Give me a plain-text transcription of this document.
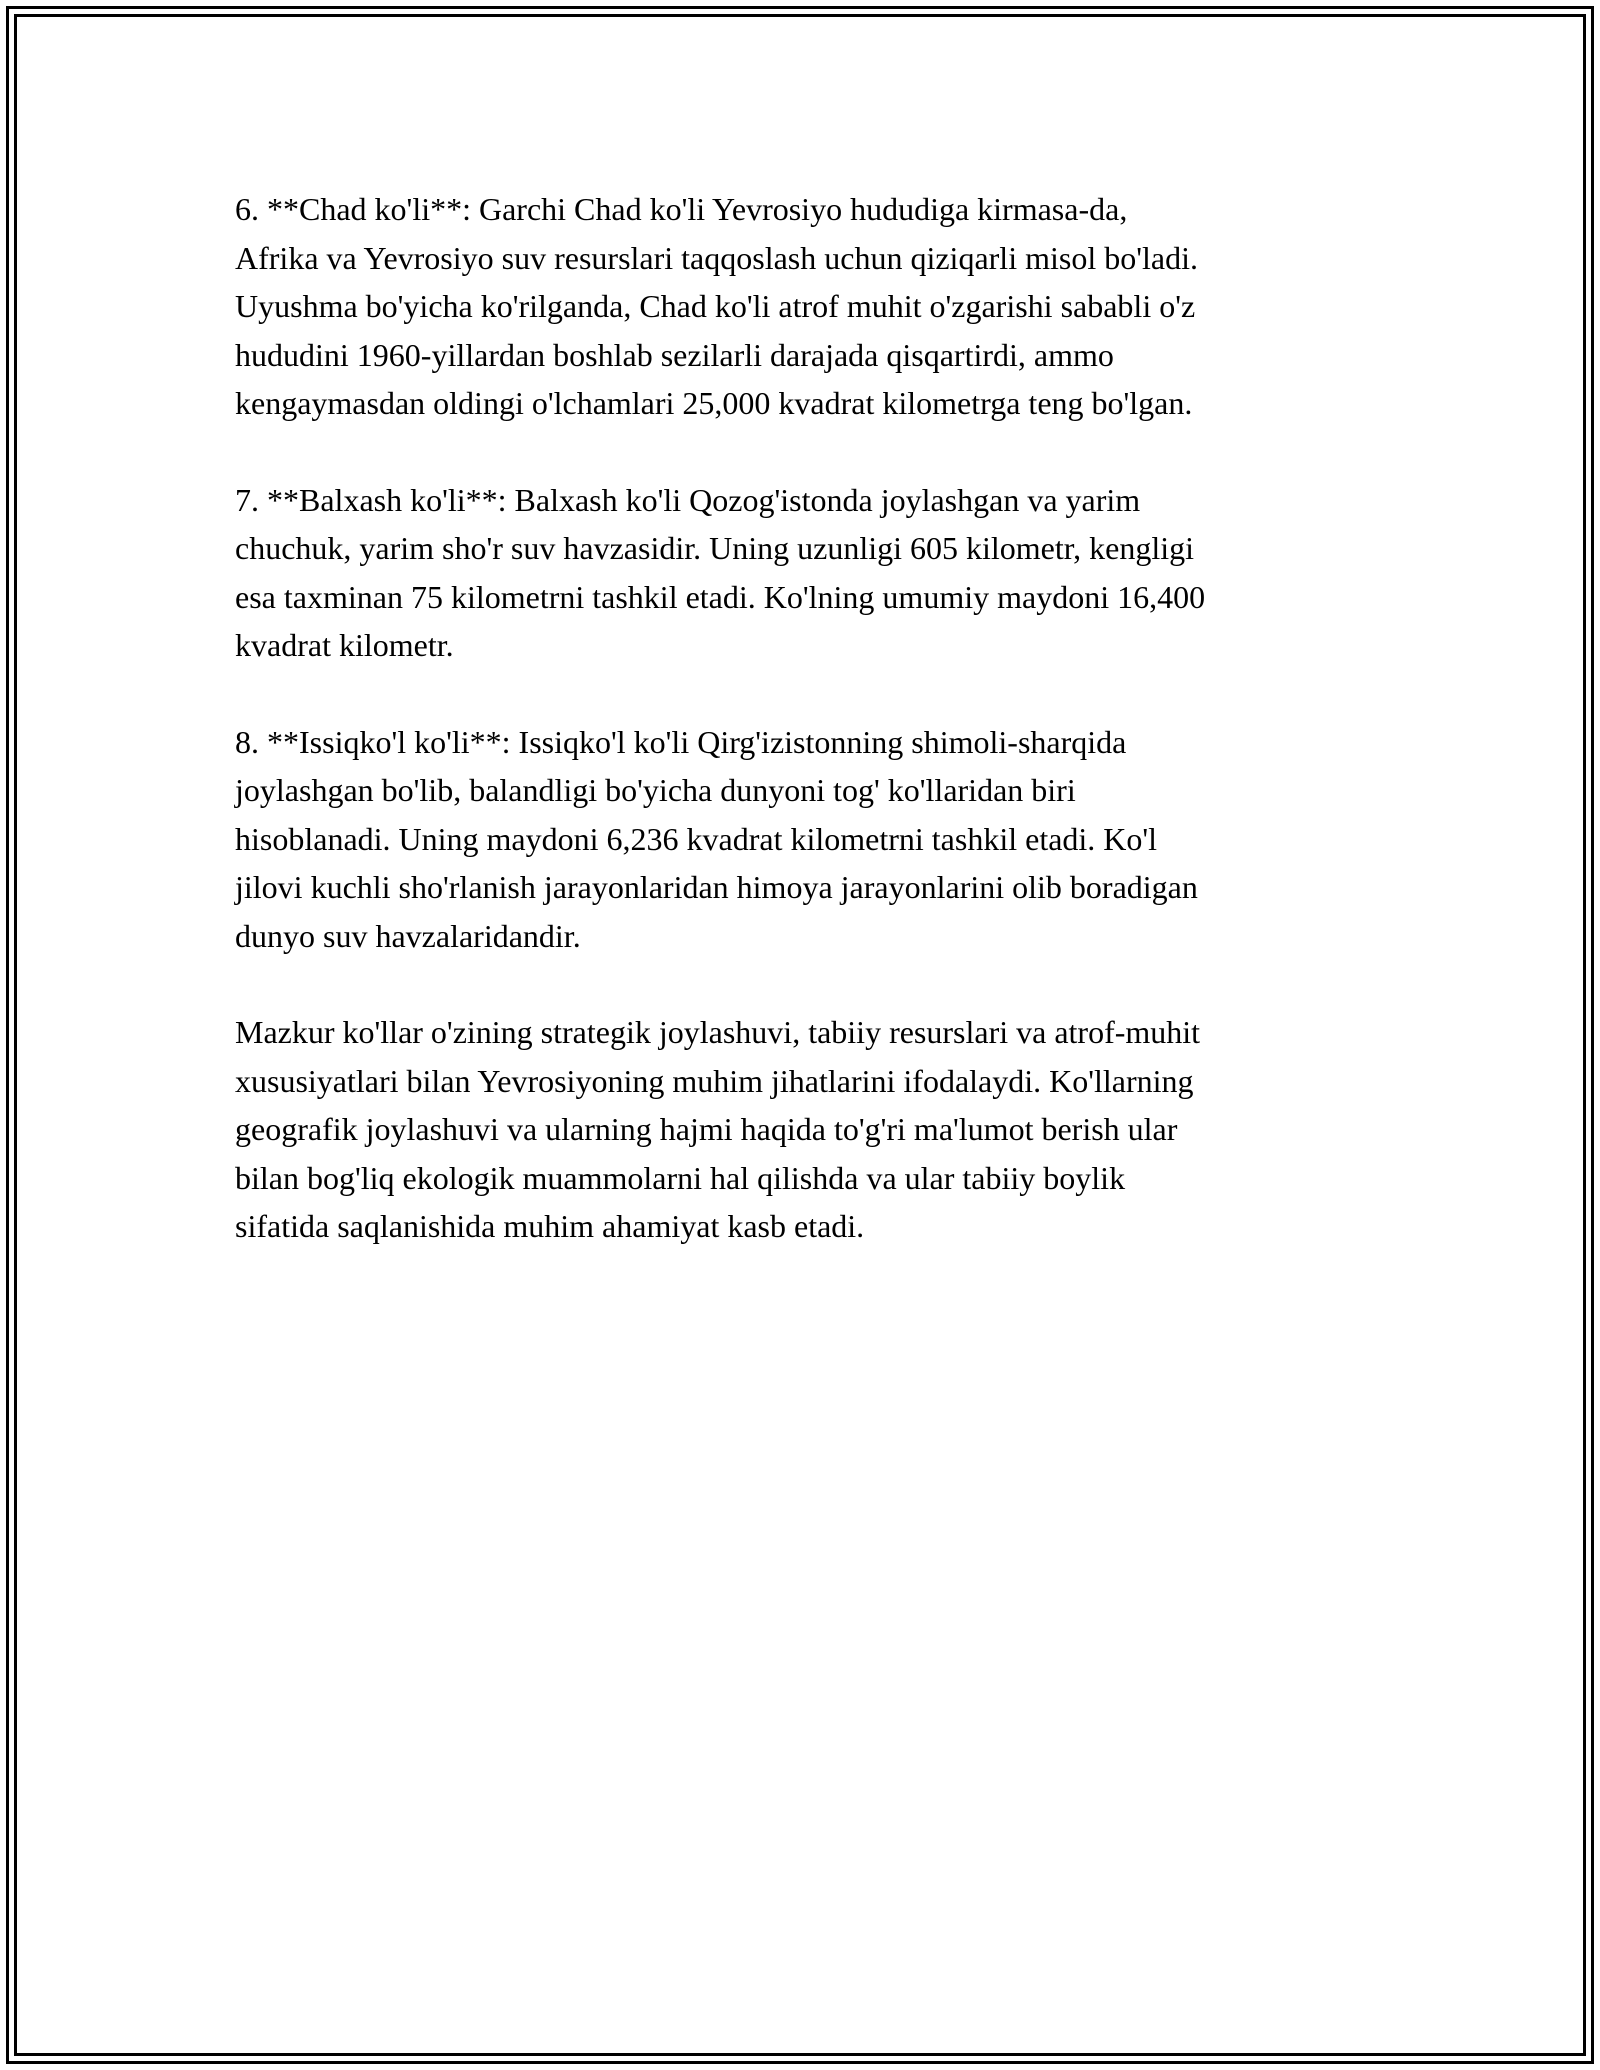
6. **Chad ko'li**: Garchi Chad ko'li Yevrosiyo hududiga kirmasa-da,
Afrika va Yevrosiyo suv resurslari taqqoslash uchun qiziqarli misol bo'ladi.
Uyushma bo'yicha ko'rilganda, Chad ko'li atrof muhit o'zgarishi sababli o'z
hududini 1960-yillardan boshlab sezilarli darajada qisqartirdi, ammo
kengaymasdan oldingi o'lchamlari 25,000 kvadrat kilometrga teng bo'lgan.

7. **Balxash ko'li**: Balxash ko'li Qozog'istonda joylashgan va yarim
chuchuk, yarim sho'r suv havzasidir. Uning uzunligi 605 kilometr, kengligi
esa taxminan 75 kilometrni tashkil etadi. Ko'lning umumiy maydoni 16,400
kvadrat kilometr.

8. **Issiqko'l ko'li**: Issiqko'l ko'li Qirg'izistonning shimoli-sharqida
joylashgan bo'lib, balandligi bo'yicha dunyoni tog' ko'llaridan biri
hisoblanadi. Uning maydoni 6,236 kvadrat kilometrni tashkil etadi. Ko'l
jilovi kuchli sho'rlanish jarayonlaridan himoya jarayonlarini olib boradigan
dunyo suv havzalaridandir.

Mazkur ko'llar o'zining strategik joylashuvi, tabiiy resurslari va atrof-muhit
xususiyatlari bilan Yevrosiyoning muhim jihatlarini ifodalaydi. Ko'llarning
geografik joylashuvi va ularning hajmi haqida to'g'ri ma'lumot berish ular
bilan bog'liq ekologik muammolarni hal qilishda va ular tabiiy boylik
sifatida saqlanishida muhim ahamiyat kasb etadi.
